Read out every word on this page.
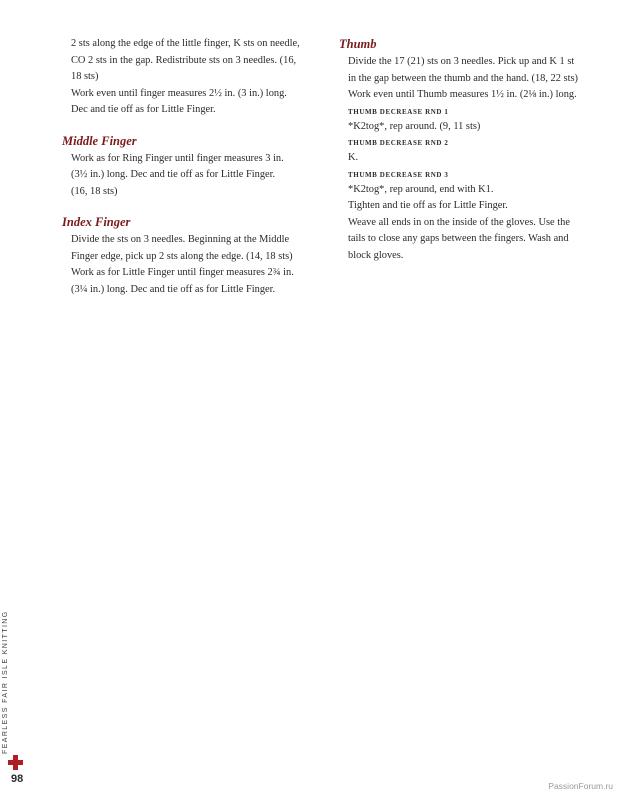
2 sts along the edge of the little finger, K sts on needle,

CO 2 sts in the gap. Redistribute sts on 3 needles. (16,

18 sts)

Work even until finger measures 2½ in. (3 in.) long.

Dec and tie off as for Little Finger.

Middle Finger

Work as for Ring Finger until finger measures 3 in.

(3½ in.) long. Dec and tie off as for Little Finger.

(16, 18 sts)

Index Finger

Divide the sts on 3 needles. Beginning at the Middle

Finger edge, pick up 2 sts along the edge. (14, 18 sts)

Work as for Little Finger until finger measures 2¾ in.

(3¼ in.) long. Dec and tie off as for Little Finger.

Thumb

Divide the 17 (21) sts on 3 needles. Pick up and K 1 st

in the gap between the thumb and the hand. (18, 22 sts)

Work even until Thumb measures 1½ in. (2⅛ in.) long.

THUMB DECREASE RND 1

*K2tog*, rep around. (9, 11 sts)

THUMB DECREASE RND 2

K.

THUMB DECREASE RND 3

*K2tog*, rep around, end with K1.

Tighten and tie off as for Little Finger.

Weave all ends in on the inside of the gloves. Use the

tails to close any gaps between the fingers. Wash and

block gloves.

FEARLESS FAIR ISLE KNITTING
98
PassionForum.ru
